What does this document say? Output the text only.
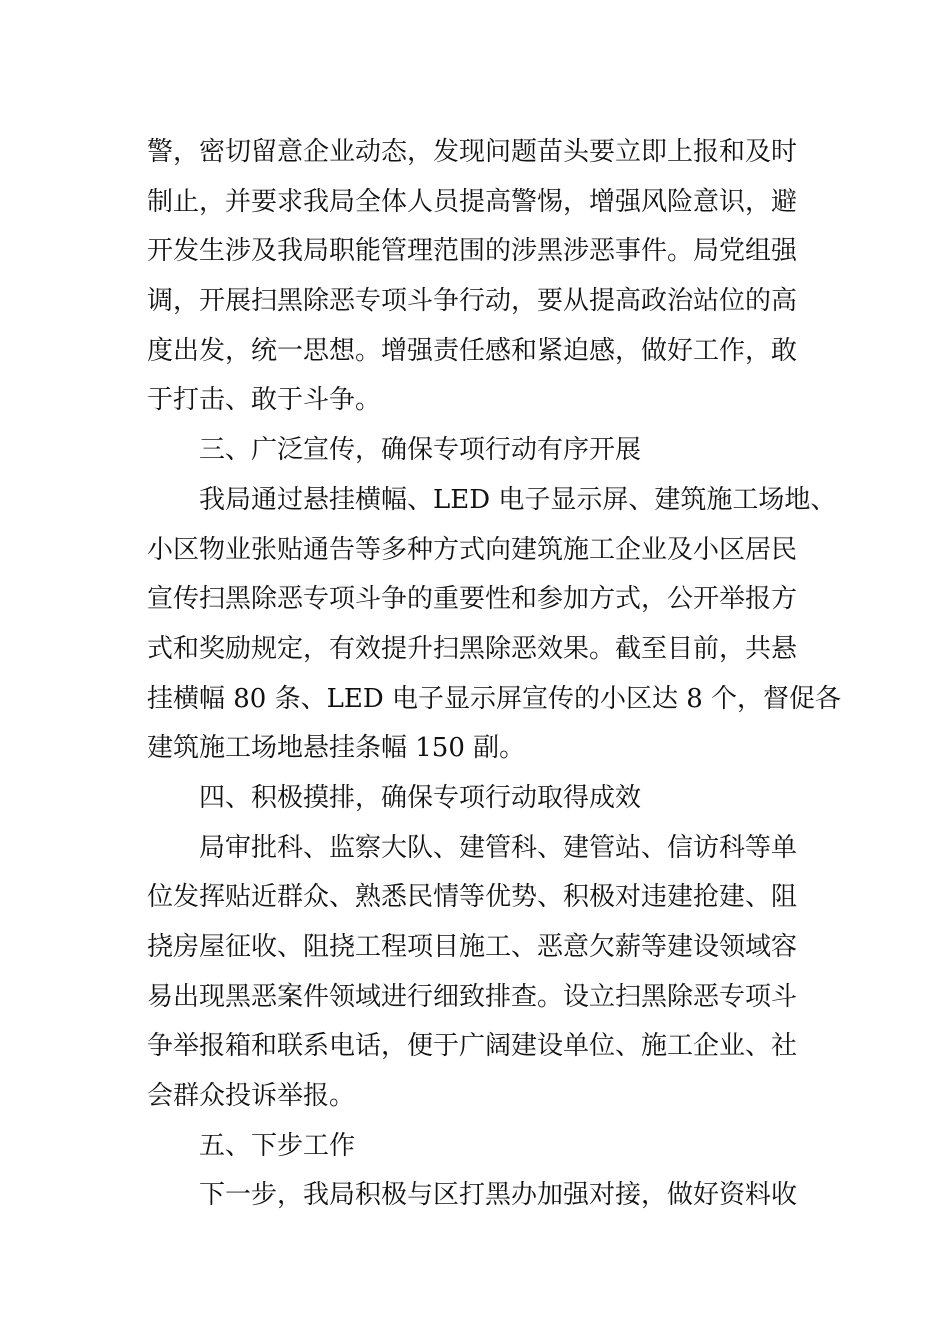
警，密切留意企业动态，发现问题苗头要立即上报和及时
制止，并要求我局全体人员提高警惕，增强风险意识，避
开发生涉及我局职能管理范围的涉黑涉恶事件。局党组强
调，开展扫黑除恶专项斗争行动，要从提高政治站位的高
度出发，统一思想。增强责任感和紧迫感，做好工作，敢
于打击、敢于斗争。
三、广泛宣传，确保专项行动有序开展
我局通过悬挂横幅、LED 电子显示屏、建筑施工场地、
小区物业张贴通告等多种方式向建筑施工企业及小区居民
宣传扫黑除恶专项斗争的重要性和参加方式，公开举报方
式和奖励规定，有效提升扫黑除恶效果。截至目前，共悬
挂横幅 80 条、LED 电子显示屏宣传的小区达 8 个，督促各
建筑施工场地悬挂条幅 150 副。
四、积极摸排，确保专项行动取得成效
局审批科、监察大队、建管科、建管站、信访科等单
位发挥贴近群众、熟悉民情等优势、积极对违建抢建、阻
挠房屋征收、阻挠工程项目施工、恶意欠薪等建设领域容
易出现黑恶案件领域进行细致排查。设立扫黑除恶专项斗
争举报箱和联系电话，便于广阔建设单位、施工企业、社
会群众投诉举报。
五、下步工作
下一步，我局积极与区打黑办加强对接，做好资料收
